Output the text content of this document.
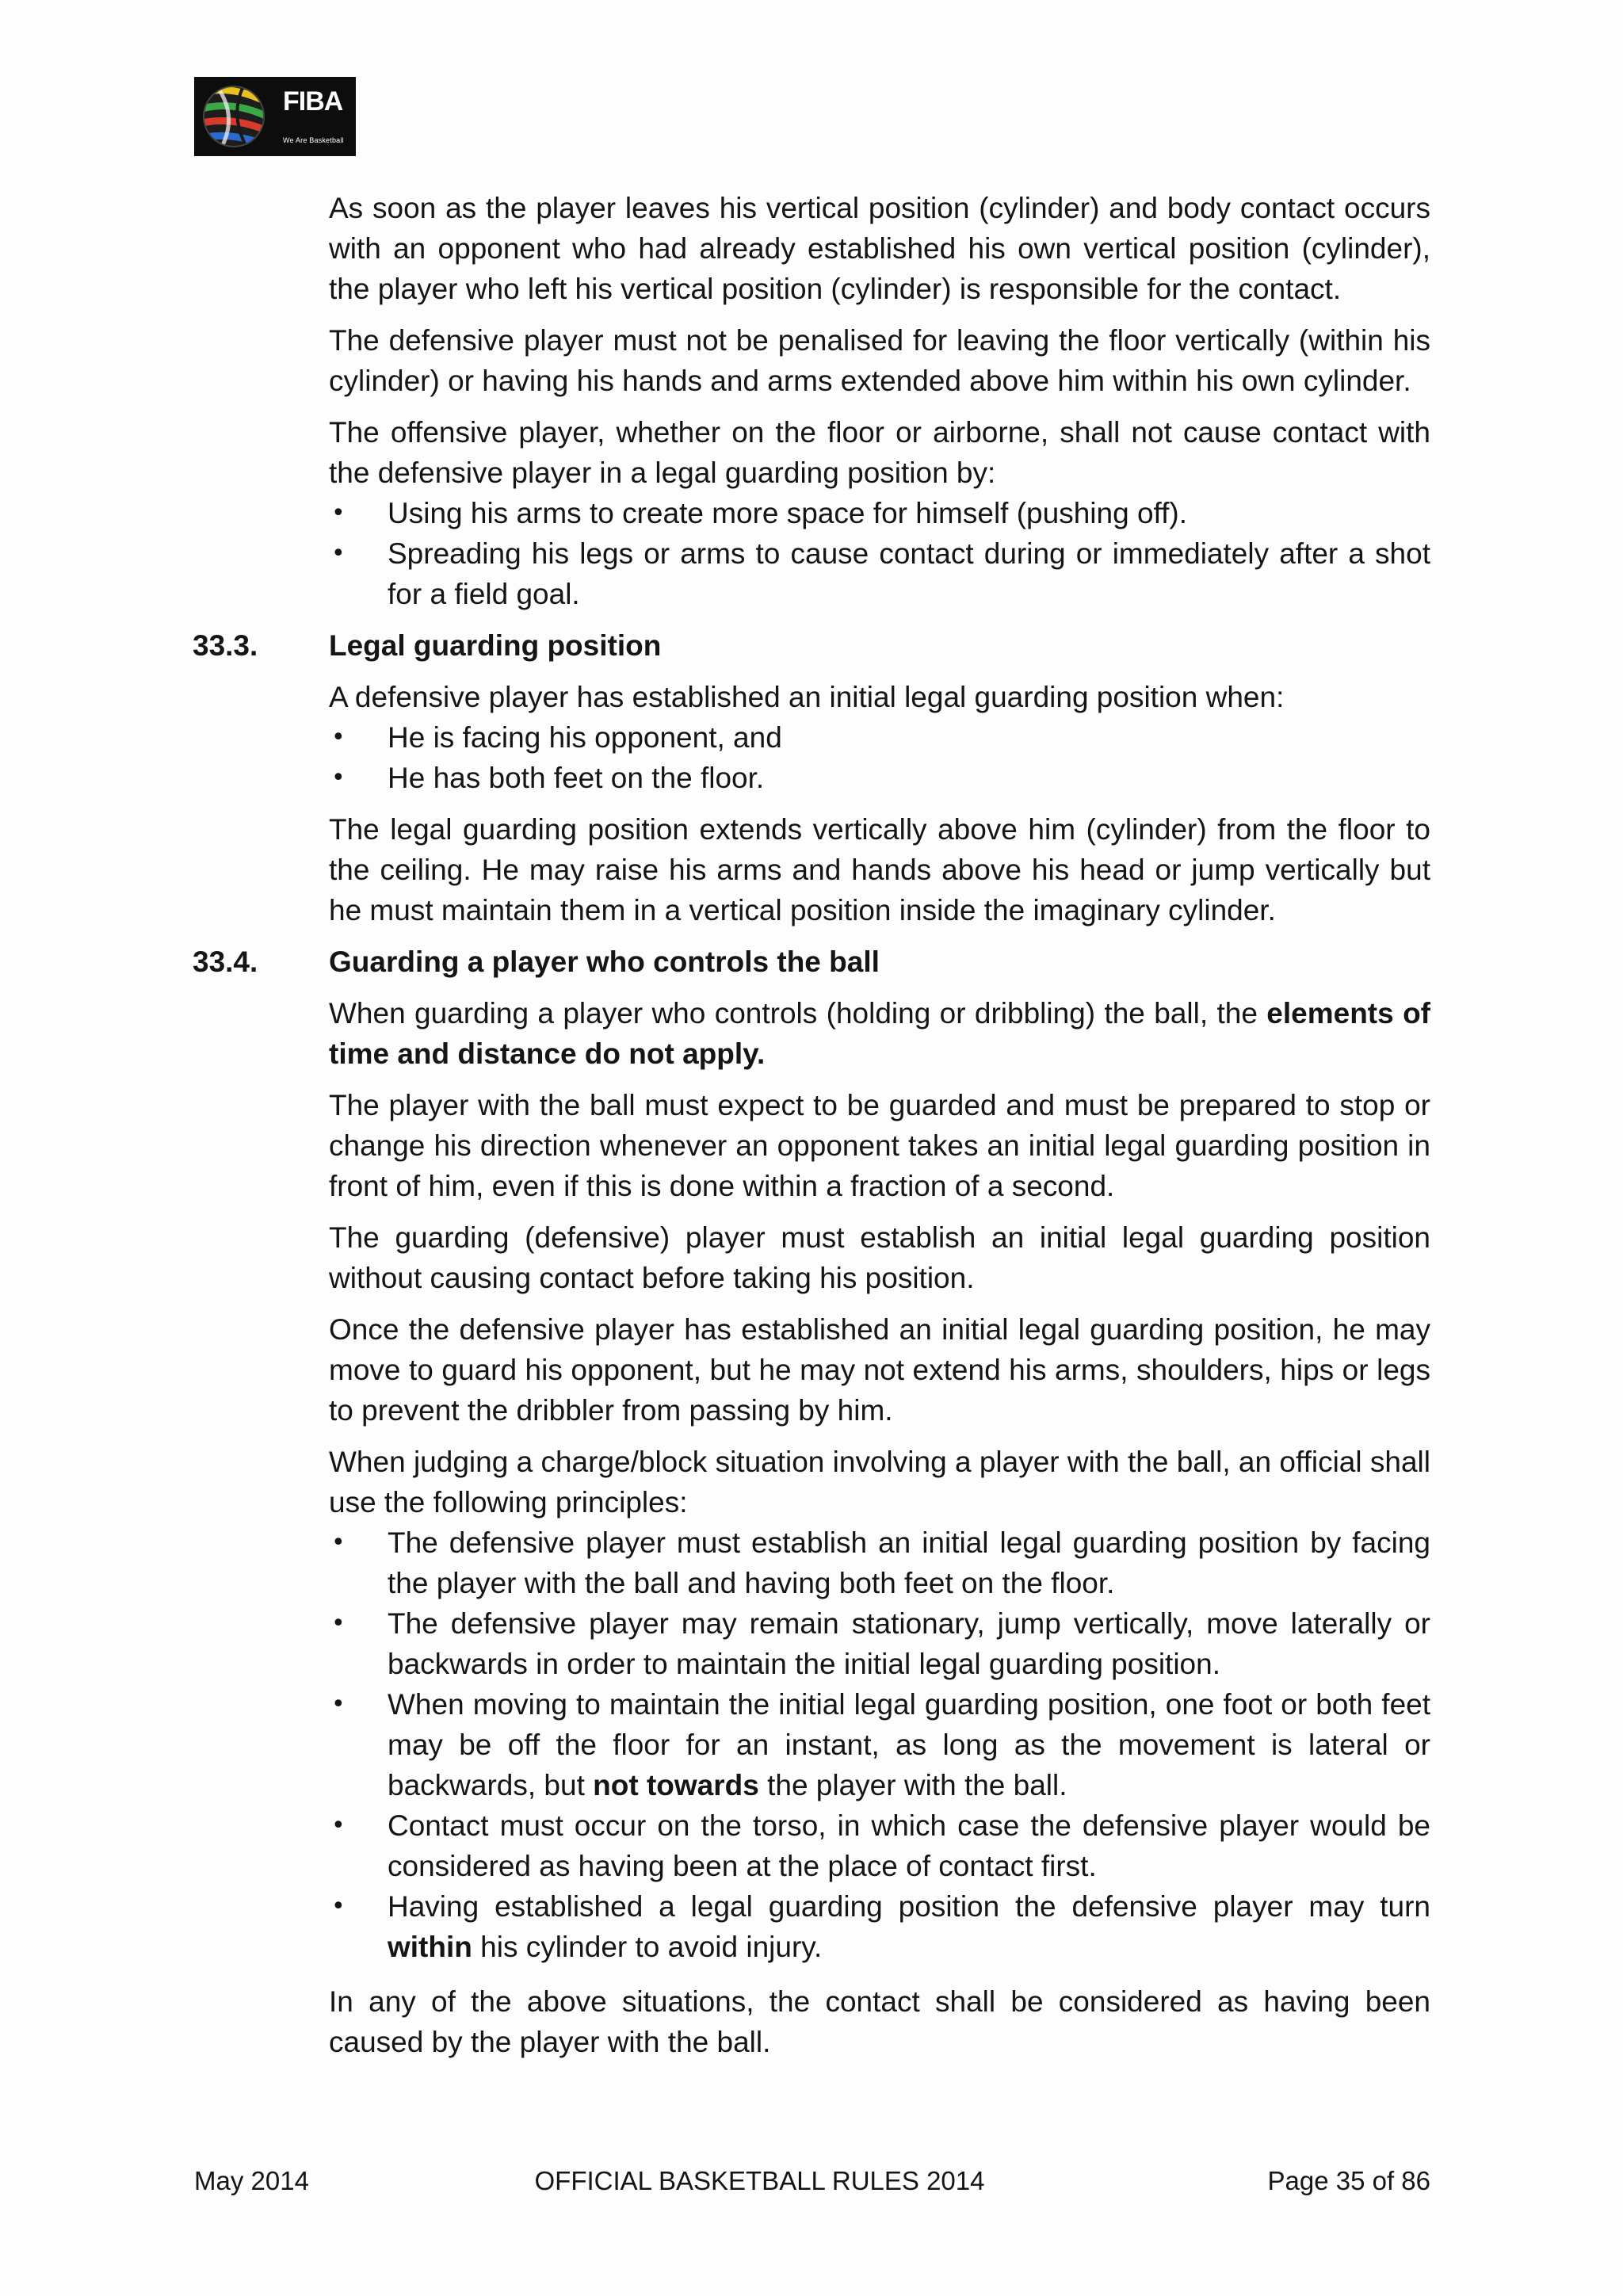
FIBA
We Are Basketball

As soon as the player leaves his vertical position (cylinder) and body contact occurs with an opponent who had already established his own vertical position (cylinder), the player who left his vertical position (cylinder) is responsible for the contact.

The defensive player must not be penalised for leaving the floor vertically (within his cylinder) or having his hands and arms extended above him within his own cylinder.

The offensive player, whether on the floor or airborne, shall not cause contact with the defensive player in a legal guarding position by:

• Using his arms to create more space for himself (pushing off).
• Spreading his legs or arms to cause contact during or immediately after a shot for a field goal.
33.3. Legal guarding position

A defensive player has established an initial legal guarding position when:

• He is facing his opponent, and
• He has both feet on the floor.

The legal guarding position extends vertically above him (cylinder) from the floor to the ceiling. He may raise his arms and hands above his head or jump vertically but he must maintain them in a vertical position inside the imaginary cylinder.

33.4. Guarding a player who controls the ball

When guarding a player who controls (holding or dribbling) the ball, the elements of time and distance do not apply.

The player with the ball must expect to be guarded and must be prepared to stop or change his direction whenever an opponent takes an initial legal guarding position in front of him, even if this is done within a fraction of a second.

The guarding (defensive) player must establish an initial legal guarding position without causing contact before taking his position.

Once the defensive player has established an initial legal guarding position, he may move to guard his opponent, but he may not extend his arms, shoulders, hips or legs to prevent the dribbler from passing by him.

When judging a charge/block situation involving a player with the ball, an official shall use the following principles:

• The defensive player must establish an initial legal guarding position by facing the player with the ball and having both feet on the floor.
• The defensive player may remain stationary, jump vertically, move laterally or backwards in order to maintain the initial legal guarding position.
• When moving to maintain the initial legal guarding position, one foot or both feet may be off the floor for an instant, as long as the movement is lateral or backwards, but not towards the player with the ball.
• Contact must occur on the torso, in which case the defensive player would be considered as having been at the place of contact first.
• Having established a legal guarding position the defensive player may turn within his cylinder to avoid injury.

In any of the above situations, the contact shall be considered as having been caused by the player with the ball.

May 2014	OFFICIAL BASKETBALL RULES 2014	Page 35 of 86
